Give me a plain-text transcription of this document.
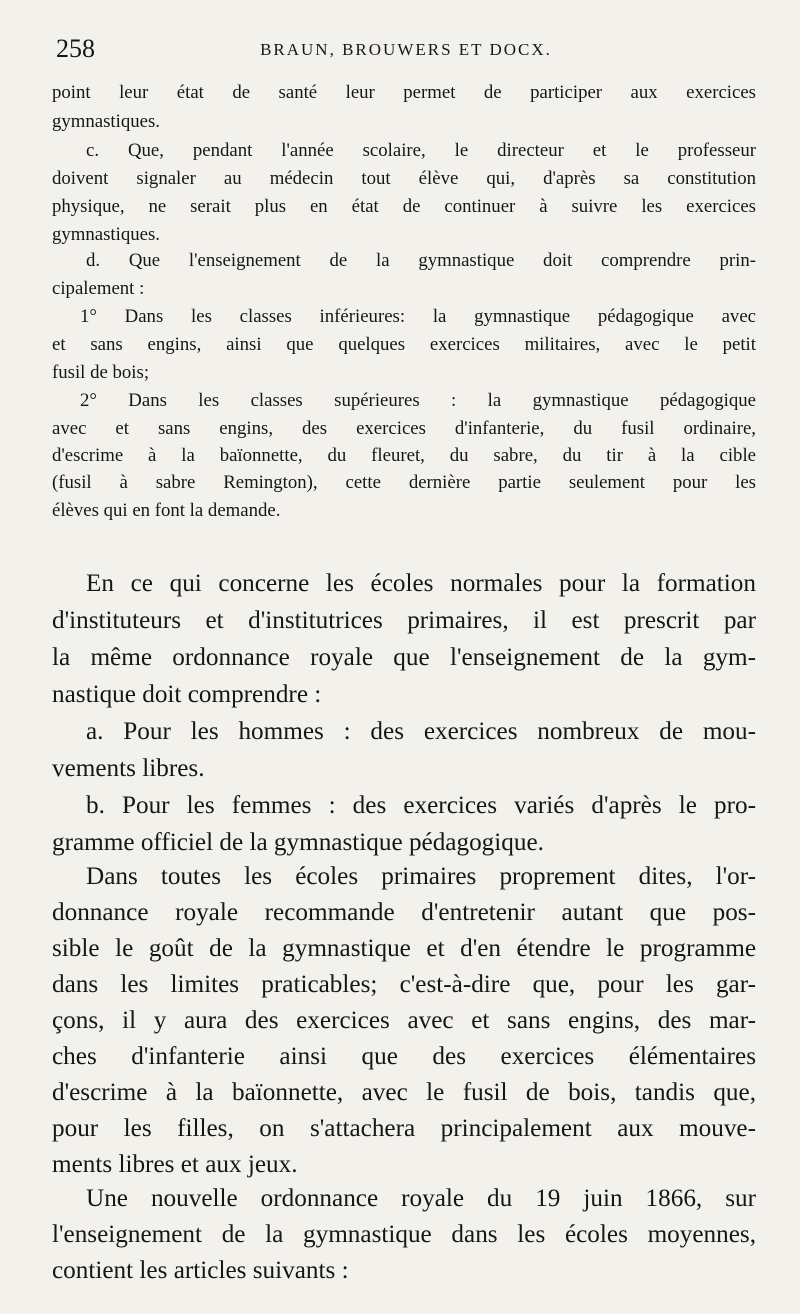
258	BRAUN, BROUWERS ET DOCX.
point leur état de santé leur permet de participer aux exercices
gymnastiques.
c. Que, pendant l'année scolaire, le directeur et le professeur
doivent signaler au médecin tout élève qui, d'après sa constitution
physique, ne serait plus en état de continuer à suivre les exercices
gymnastiques.
d. Que l'enseignement de la gymnastique doit comprendre prin-
cipalement :
1° Dans les classes inférieures: la gymnastique pédagogique avec
et sans engins, ainsi que quelques exercices militaires, avec le petit
fusil de bois;
2° Dans les classes supérieures : la gymnastique pédagogique
avec et sans engins, des exercices d'infanterie, du fusil ordinaire,
d'escrime à la baïonnette, du fleuret, du sabre, du tir à la cible
(fusil à sabre Remington), cette dernière partie seulement pour les
élèves qui en font la demande.
En ce qui concerne les écoles normales pour la formation
d'instituteurs et d'institutrices primaires, il est prescrit par
la même ordonnance royale que l'enseignement de la gym-
nastique doit comprendre :
a. Pour les hommes : des exercices nombreux de mou-
vements libres.
b. Pour les femmes : des exercices variés d'après le pro-
gramme officiel de la gymnastique pédagogique.
Dans toutes les écoles primaires proprement dites, l'or-
donnance royale recommande d'entretenir autant que pos-
sible le goût de la gymnastique et d'en étendre le programme
dans les limites praticables; c'est-à-dire que, pour les gar-
çons, il y aura des exercices avec et sans engins, des mar-
ches d'infanterie ainsi que des exercices élémentaires
d'escrime à la baïonnette, avec le fusil de bois, tandis que,
pour les filles, on s'attachera principalement aux mouve-
ments libres et aux jeux.
Une nouvelle ordonnance royale du 19 juin 1866, sur
l'enseignement de la gymnastique dans les écoles moyennes,
contient les articles suivants :
